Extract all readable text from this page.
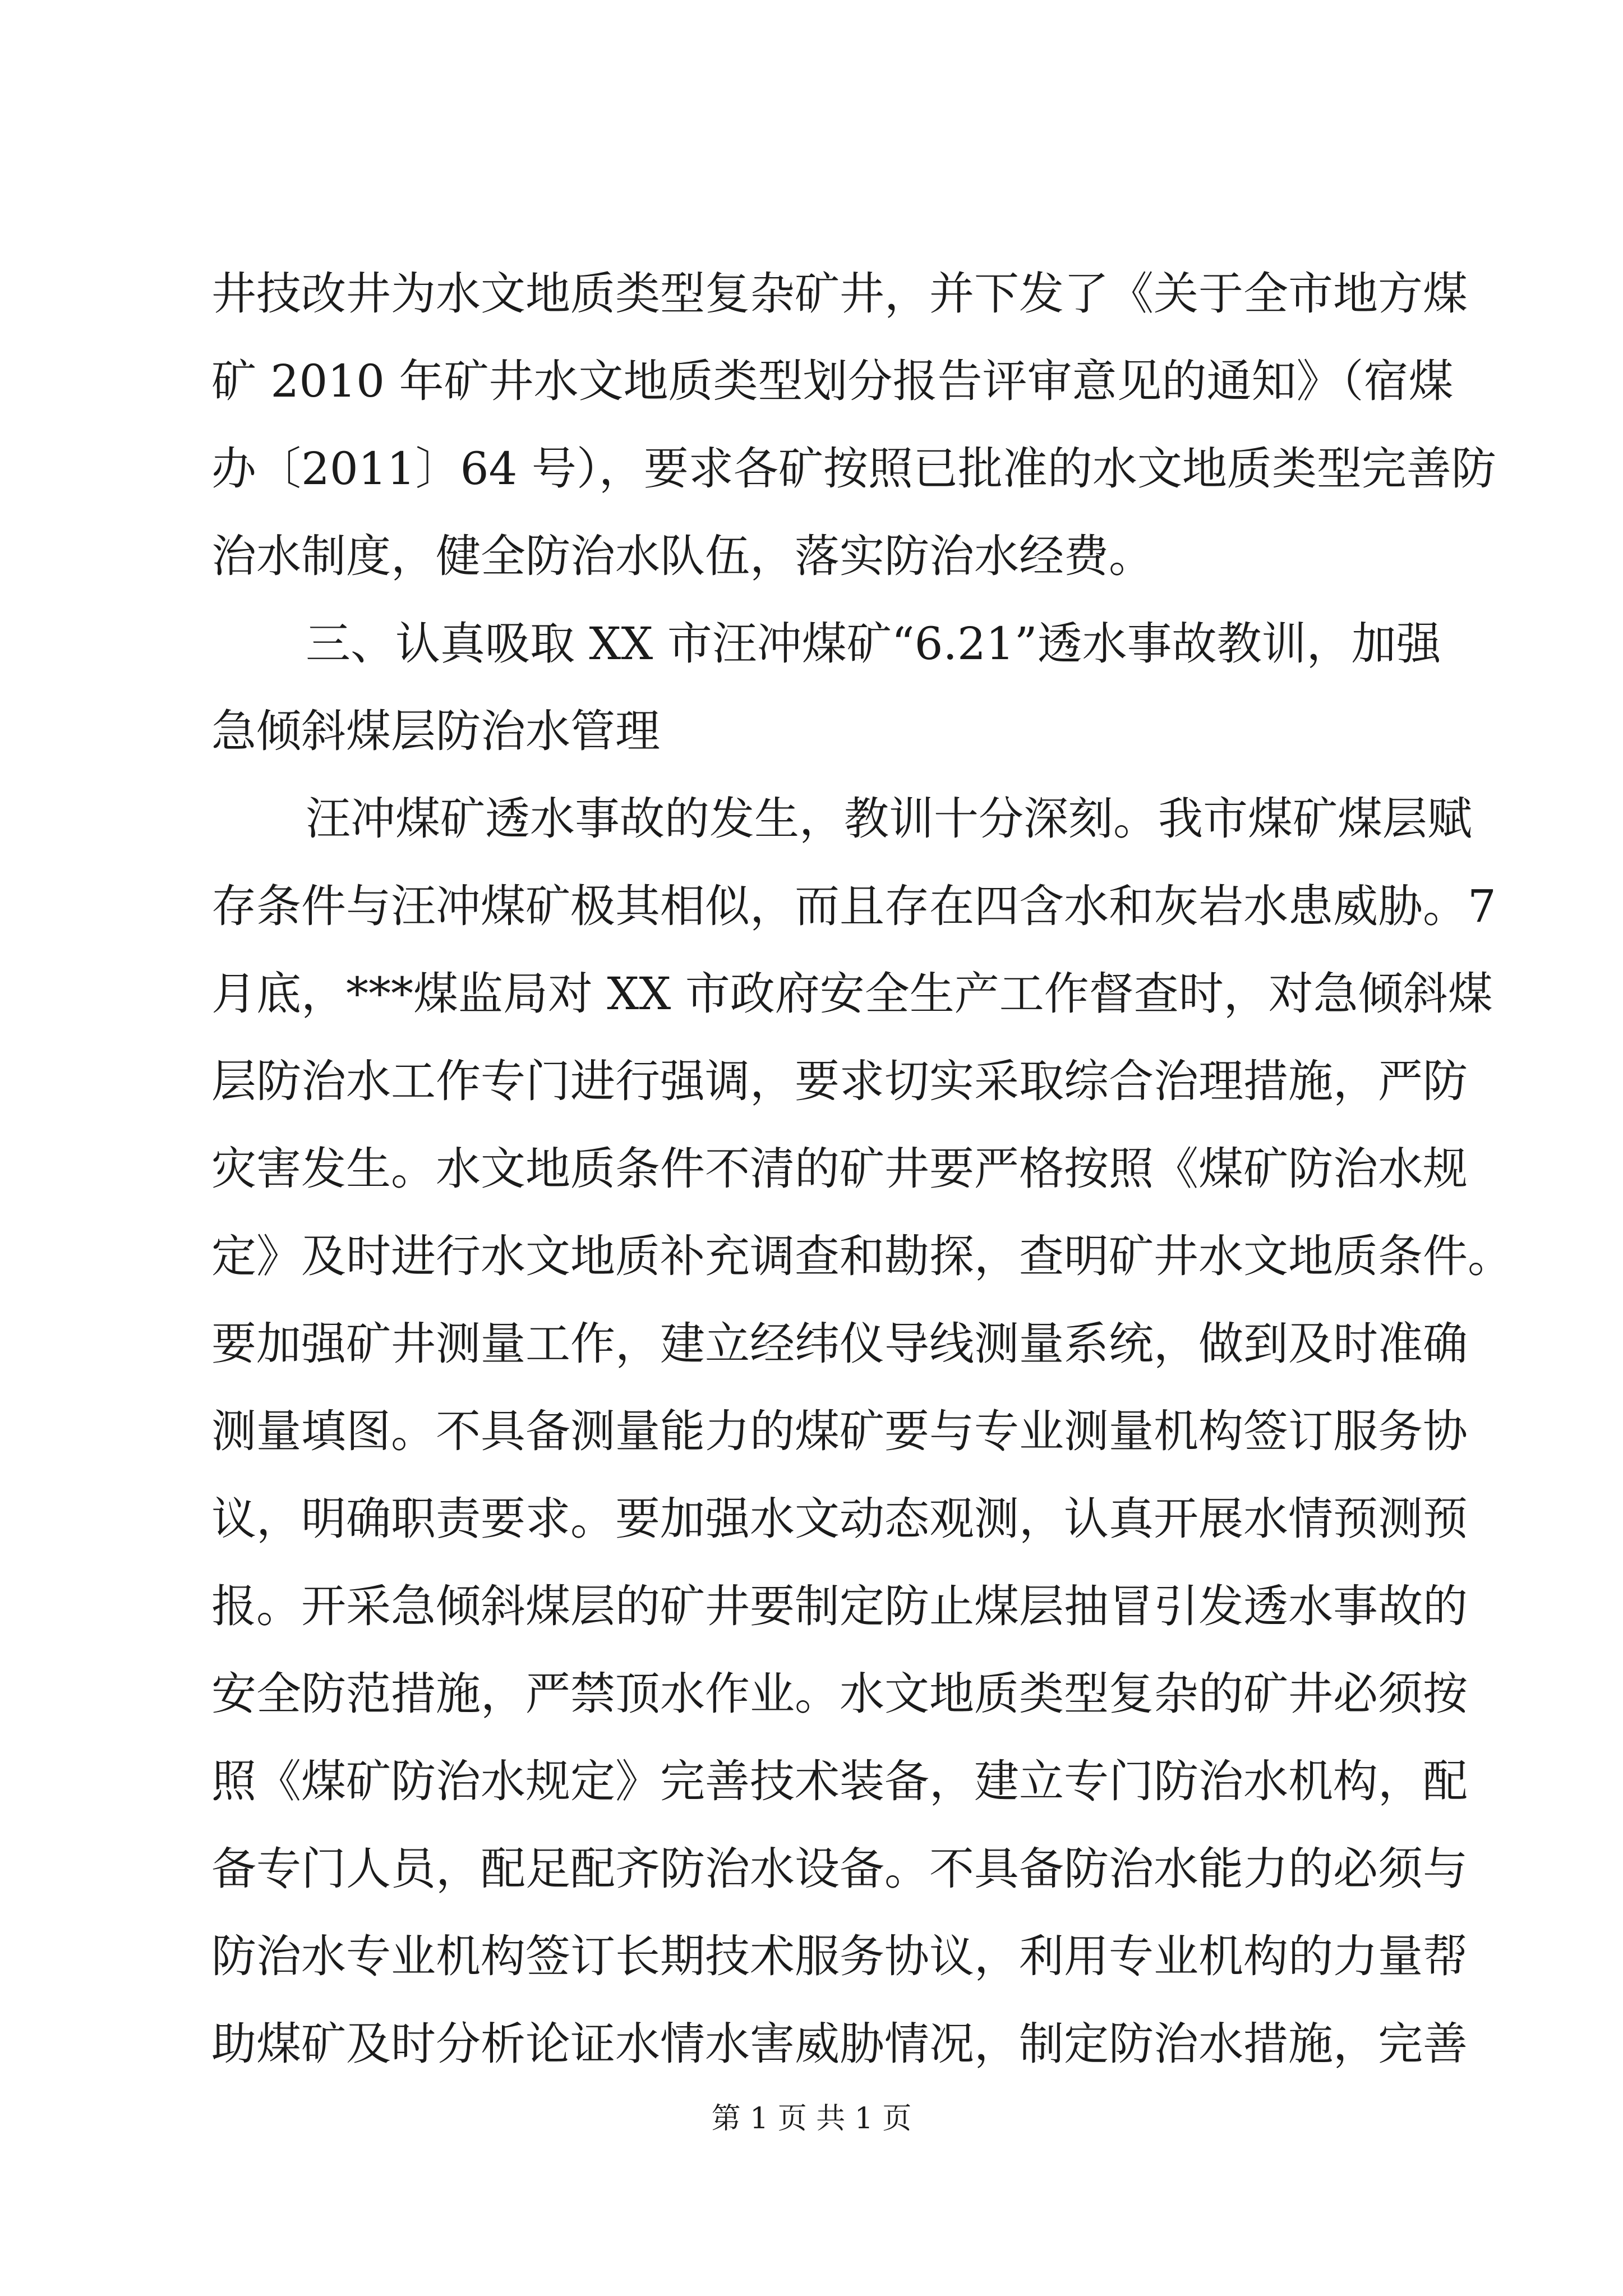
井技改井为水文地质类型复杂矿井，并下发了《关于全市地方煤
矿 2010 年矿井水文地质类型划分报告评审意见的通知》（宿煤
办〔2011〕64 号），要求各矿按照已批准的水文地质类型完善防
治水制度，健全防治水队伍，落实防治水经费。
三、认真吸取 XX 市汪冲煤矿“6.21”透水事故教训，加强
急倾斜煤层防治水管理
汪冲煤矿透水事故的发生，教训十分深刻。我市煤矿煤层赋
存条件与汪冲煤矿极其相似，而且存在四含水和灰岩水患威胁。7
月底，***煤监局对 XX 市政府安全生产工作督查时，对急倾斜煤
层防治水工作专门进行强调，要求切实采取综合治理措施，严防
灾害发生。水文地质条件不清的矿井要严格按照《煤矿防治水规
定》及时进行水文地质补充调查和勘探，查明矿井水文地质条件。
要加强矿井测量工作，建立经纬仪导线测量系统，做到及时准确
测量填图。不具备测量能力的煤矿要与专业测量机构签订服务协
议，明确职责要求。要加强水文动态观测，认真开展水情预测预
报。开采急倾斜煤层的矿井要制定防止煤层抽冒引发透水事故的
安全防范措施，严禁顶水作业。水文地质类型复杂的矿井必须按
照《煤矿防治水规定》完善技术装备，建立专门防治水机构，配
备专门人员，配足配齐防治水设备。不具备防治水能力的必须与
防治水专业机构签订长期技术服务协议，利用专业机构的力量帮
助煤矿及时分析论证水情水害威胁情况，制定防治水措施，完善
第 1 页 共 1 页
